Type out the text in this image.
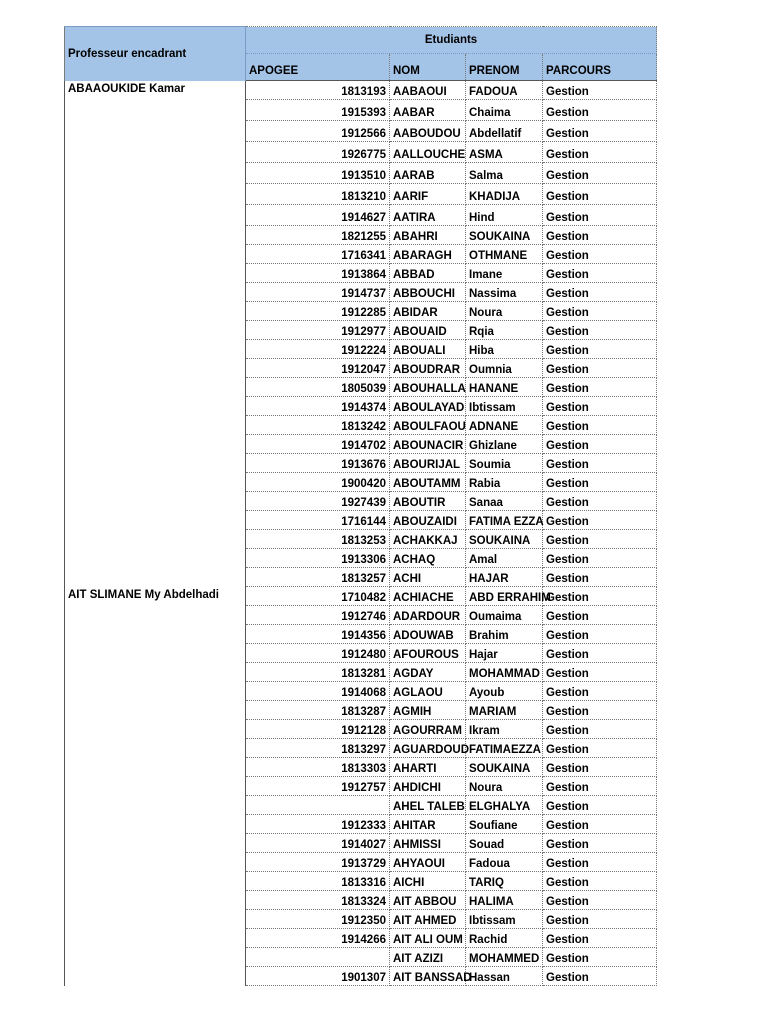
Professeur encadrant	Etudiants			
	APOGEE	NOM	PRENOM	PARCOURS
ABAAOUKIDE Kamar	1813193	AABAOUI	FADOUA	Gestion
	1915393	AABAR	Chaima	Gestion
	1912566	AABOUDOU	Abdellatif	Gestion
	1926775	AALLOUCHE	ASMA	Gestion
	1913510	AARAB	Salma	Gestion
	1813210	AARIF	KHADIJA	Gestion
	1914627	AATIRA	Hind	Gestion
	1821255	ABAHRI	SOUKAINA	Gestion
	1716341	ABARAGH	OTHMANE	Gestion
	1913864	ABBAD	Imane	Gestion
	1914737	ABBOUCHI	Nassima	Gestion
	1912285	ABIDAR	Noura	Gestion
	1912977	ABOUAID	Rqia	Gestion
	1912224	ABOUALI	Hiba	Gestion
	1912047	ABOUDRAR	Oumnia	Gestion
	1805039	ABOUHALLA	HANANE	Gestion
	1914374	ABOULAYAD	Ibtissam	Gestion
	1813242	ABOULFAOU	ADNANE	Gestion
	1914702	ABOUNACIR	Ghizlane	Gestion
	1913676	ABOURIJAL	Soumia	Gestion
	1900420	ABOUTAMM	Rabia	Gestion
	1927439	ABOUTIR	Sanaa	Gestion
	1716144	ABOUZAIDI	FATIMA EZZA	Gestion
	1813253	ACHAKKAJ	SOUKAINA	Gestion
	1913306	ACHAQ	Amal	Gestion
	1813257	ACHI	HAJAR	Gestion
AIT SLIMANE My Abdelhadi	1710482	ACHIACHE	ABD ERRAHIM	Gestion
	1912746	ADARDOUR	Oumaima	Gestion
	1914356	ADOUWAB	Brahim	Gestion
	1912480	AFOUROUS	Hajar	Gestion
	1813281	AGDAY	MOHAMMAD	Gestion
	1914068	AGLAOU	Ayoub	Gestion
	1813287	AGMIH	MARIAM	Gestion
	1912128	AGOURRAM	Ikram	Gestion
	1813297	AGUARDOUD	FATIMAEZZA	Gestion
	1813303	AHARTI	SOUKAINA	Gestion
	1912757	AHDICHI	Noura	Gestion
		AHEL TALEB	ELGHALYA	Gestion
	1912333	AHITAR	Soufiane	Gestion
	1914027	AHMISSI	Souad	Gestion
	1913729	AHYAOUI	Fadoua	Gestion
	1813316	AICHI	TARIQ	Gestion
	1813324	AIT ABBOU	HALIMA	Gestion
	1912350	AIT AHMED	Ibtissam	Gestion
	1914266	AIT ALI OUM	Rachid	Gestion
		AIT AZIZI	MOHAMMED	Gestion
	1901307	AIT BANSSAD	Hassan	Gestion
